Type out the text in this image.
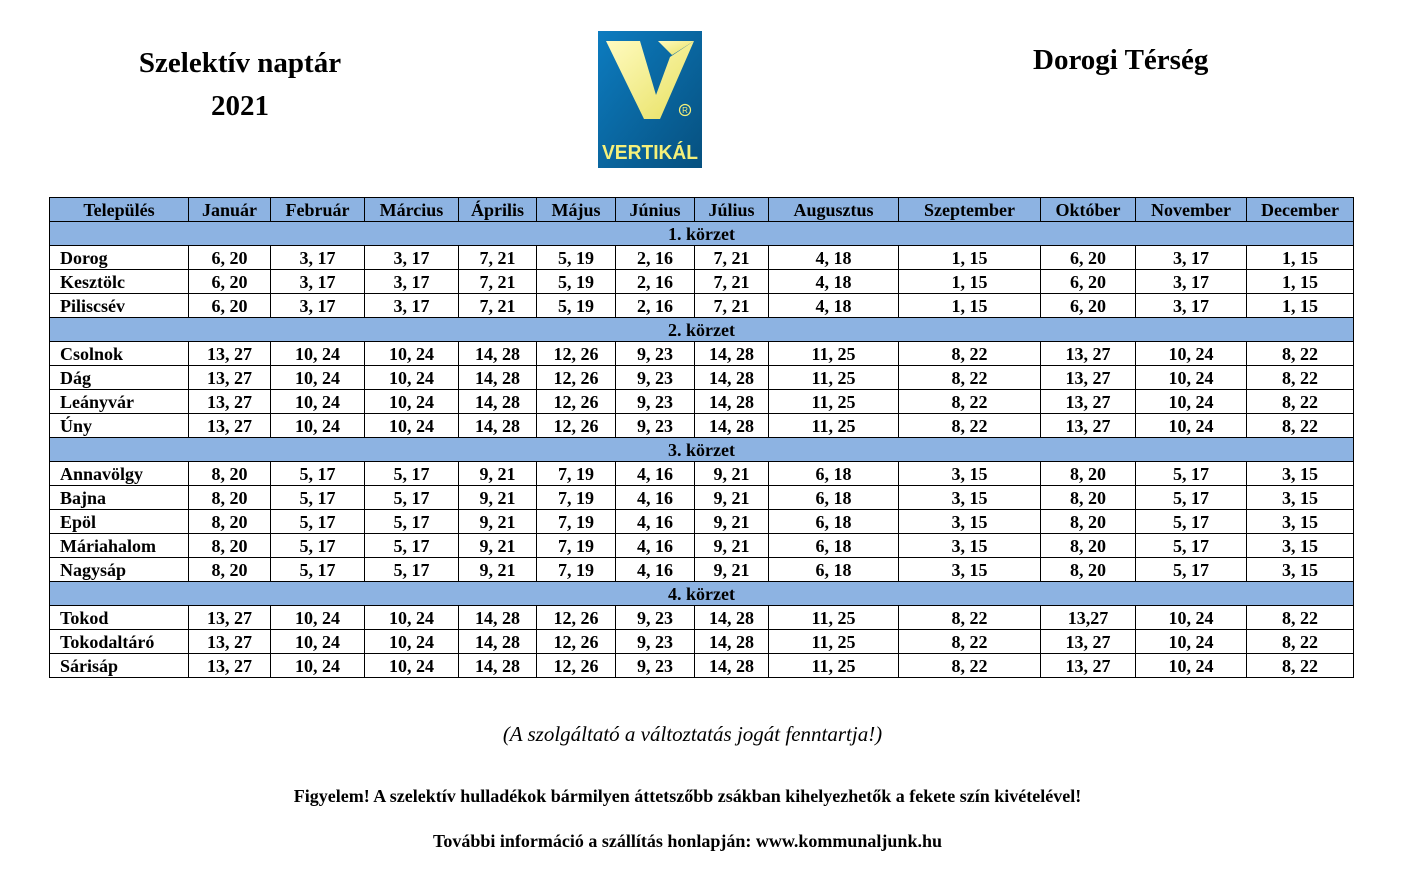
Szelektív naptár
2021
Dorogi Térség
R
VERTIKÁL
Település	Január	Február	Március	Április	Május	Június	Július	Augusztus	Szeptember	Október	November	December
1. körzet												
Dorog	6, 20	3, 17	3, 17	7, 21	5, 19	2, 16	7, 21	4, 18	1, 15	6, 20	3, 17	1, 15
Kesztölc	6, 20	3, 17	3, 17	7, 21	5, 19	2, 16	7, 21	4, 18	1, 15	6, 20	3, 17	1, 15
Piliscsév	6, 20	3, 17	3, 17	7, 21	5, 19	2, 16	7, 21	4, 18	1, 15	6, 20	3, 17	1, 15
2. körzet												
Csolnok	13, 27	10, 24	10, 24	14, 28	12, 26	9, 23	14, 28	11, 25	8, 22	13, 27	10, 24	8, 22
Dág	13, 27	10, 24	10, 24	14, 28	12, 26	9, 23	14, 28	11, 25	8, 22	13, 27	10, 24	8, 22
Leányvár	13, 27	10, 24	10, 24	14, 28	12, 26	9, 23	14, 28	11, 25	8, 22	13, 27	10, 24	8, 22
Úny	13, 27	10, 24	10, 24	14, 28	12, 26	9, 23	14, 28	11, 25	8, 22	13, 27	10, 24	8, 22
3. körzet												
Annavölgy	8, 20	5, 17	5, 17	9, 21	7, 19	4, 16	9, 21	6, 18	3, 15	8, 20	5, 17	3, 15
Bajna	8, 20	5, 17	5, 17	9, 21	7, 19	4, 16	9, 21	6, 18	3, 15	8, 20	5, 17	3, 15
Epöl	8, 20	5, 17	5, 17	9, 21	7, 19	4, 16	9, 21	6, 18	3, 15	8, 20	5, 17	3, 15
Máriahalom	8, 20	5, 17	5, 17	9, 21	7, 19	4, 16	9, 21	6, 18	3, 15	8, 20	5, 17	3, 15
Nagysáp	8, 20	5, 17	5, 17	9, 21	7, 19	4, 16	9, 21	6, 18	3, 15	8, 20	5, 17	3, 15
4. körzet												
Tokod	13, 27	10, 24	10, 24	14, 28	12, 26	9, 23	14, 28	11, 25	8, 22	13,27	10, 24	8, 22
Tokodaltáró	13, 27	10, 24	10, 24	14, 28	12, 26	9, 23	14, 28	11, 25	8, 22	13, 27	10, 24	8, 22
Sárisáp	13, 27	10, 24	10, 24	14, 28	12, 26	9, 23	14, 28	11, 25	8, 22	13, 27	10, 24	8, 22
(A szolgáltató a változtatás jogát fenntartja!)
Figyelem! A szelektív hulladékok bármilyen áttetszőbb zsákban kihelyezhetők a fekete szín kivételével!
További információ a szállítás honlapján: www.kommunaljunk.hu
